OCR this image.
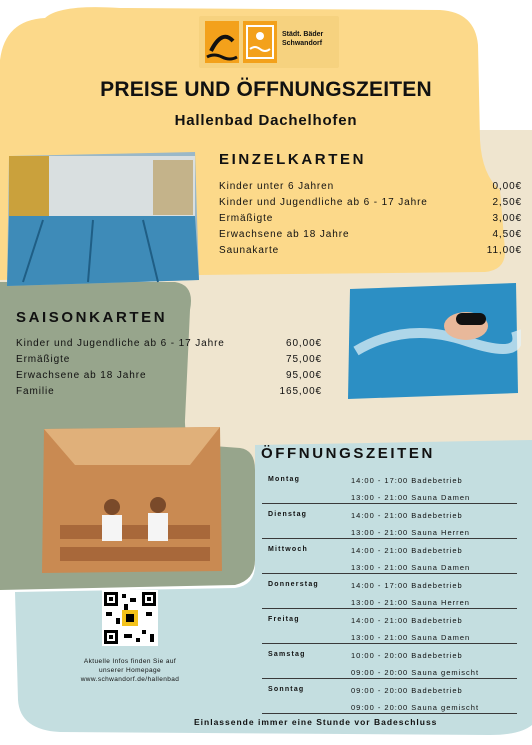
Städt. Bäder
Schwandorf
PREISE UND ÖFFNUNGSZEITEN
Hallenbad Dachelhofen
EINZELKARTEN
Kinder unter 6 Jahren	0,00€
Kinder und Jugendliche ab 6 - 17 Jahre	2,50€
Ermäßigte	3,00€
Erwachsene ab 18 Jahre	4,50€
Saunakarte	11,00€
SAISONKARTEN
Kinder und Jugendliche ab 6 - 17 Jahre	60,00€
Ermäßigte	75,00€
Erwachsene ab 18 Jahre	95,00€
Familie	165,00€
ÖFFNUNGSZEITEN
Montag	14:00 - 17:00 Badebetrieb
13:00 - 21:00 Sauna Damen
Dienstag	14:00 - 21:00 Badebetrieb
13:00 - 21:00 Sauna Herren
Mittwoch	14:00 - 21:00 Badebetrieb
13:00 - 21:00 Sauna Damen
Donnerstag	14:00 - 17:00 Badebetrieb
13:00 - 21:00 Sauna Herren
Freitag	14:00 - 21:00 Badebetrieb
13:00 - 21:00 Sauna Damen
Samstag	10:00 - 20:00 Badebetrieb
09:00 - 20:00 Sauna gemischt
Sonntag	09:00 - 20:00 Badebetrieb
09:00 - 20:00 Sauna gemischt
Aktuelle Infos finden Sie auf
unserer Homepage
www.schwandorf.de/hallenbad
Einlassende immer eine Stunde vor Badeschluss
